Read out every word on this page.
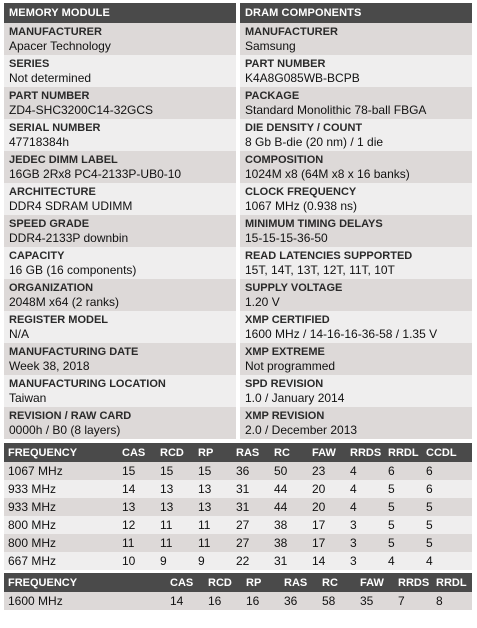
MEMORY MODULE
MANUFACTURER
Apacer Technology
SERIES
Not determined
PART NUMBER
ZD4-SHC3200C14-32GCS
SERIAL NUMBER
47718384h
JEDEC DIMM LABEL
16GB 2Rx8 PC4-2133P-UB0-10
ARCHITECTURE
DDR4 SDRAM UDIMM
SPEED GRADE
DDR4-2133P downbin
CAPACITY
16 GB (16 components)
ORGANIZATION
2048M x64 (2 ranks)
REGISTER MODEL
N/A
MANUFACTURING DATE
Week 38, 2018
MANUFACTURING LOCATION
Taiwan
REVISION / RAW CARD
0000h / B0 (8 layers)
DRAM COMPONENTS
MANUFACTURER
Samsung
PART NUMBER
K4A8G085WB-BCPB
PACKAGE
Standard Monolithic 78-ball FBGA
DIE DENSITY / COUNT
8 Gb B-die (20 nm) / 1 die
COMPOSITION
1024M x8 (64M x8 x 16 banks)
CLOCK FREQUENCY
1067 MHz (0.938 ns)
MINIMUM TIMING DELAYS
15-15-15-36-50
READ LATENCIES SUPPORTED
15T, 14T, 13T, 12T, 11T, 10T
SUPPLY VOLTAGE
1.20 V
XMP CERTIFIED
1600 MHz / 14-16-16-36-58 / 1.35 V
XMP EXTREME
Not programmed
SPD REVISION
1.0 / January 2014
XMP REVISION
2.0 / December 2013
FREQUENCY	CAS	RCD	RP	RAS	RC	FAW	RRDS	RRDL	CCDL
1067 MHz	15	15	15	36	50	23	4	6	6
933 MHz	14	13	13	31	44	20	4	5	6
933 MHz	13	13	13	31	44	20	4	5	5
800 MHz	12	11	11	27	38	17	3	5	5
800 MHz	11	11	11	27	38	17	3	5	5
667 MHz	10	9	9	22	31	14	3	4	4
FREQUENCY	CAS	RCD	RP	RAS	RC	FAW	RRDS	RRDL
1600 MHz	14	16	16	36	58	35	7	8
